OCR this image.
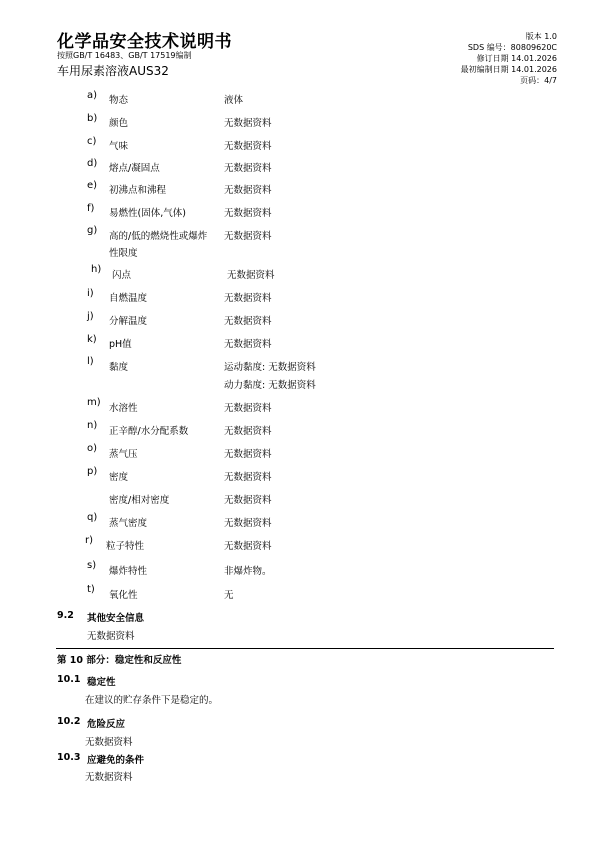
化学品安全技术说明书
按照GB/T 16483、GB/T 17519编制
车用尿素溶液AUS32
版本 1.0
SDS 编号：80809620C
修订日期 14.01.2026
最初编制日期 14.01.2026
页码：4/7
a) 物态	液体
b) 颜色	无数据资料
c) 气味	无数据资料
d) 熔点/凝固点	无数据资料
e) 初沸点和沸程	无数据资料
f) 易燃性(固体,气体)	无数据资料
g)
高的/低的燃烧性或爆炸
性限度
无数据资料
h)
闪点	无数据资料
i) 自燃温度	无数据资料
j) 分解温度	无数据资料
k) pH值	无数据资料
l)
黏度	运动黏度: 无数据资料
动力黏度: 无数据资料
m)
水溶性	无数据资料
n)
正辛醇/水分配系数	无数据资料
o)
蒸气压	无数据资料
p)
密度	无数据资料
密度/相对密度	无数据资料
q)
蒸气密度	无数据资料
r)
粒子特性	无数据资料
s)
爆炸特性	非爆炸物。
t)
氧化性	无
9.2 其他安全信息
无数据资料
第 10 部分：稳定性和反应性
10.1 稳定性
在建议的贮存条件下是稳定的。
10.2 危险反应
无数据资料
10.3 应避免的条件
无数据资料
